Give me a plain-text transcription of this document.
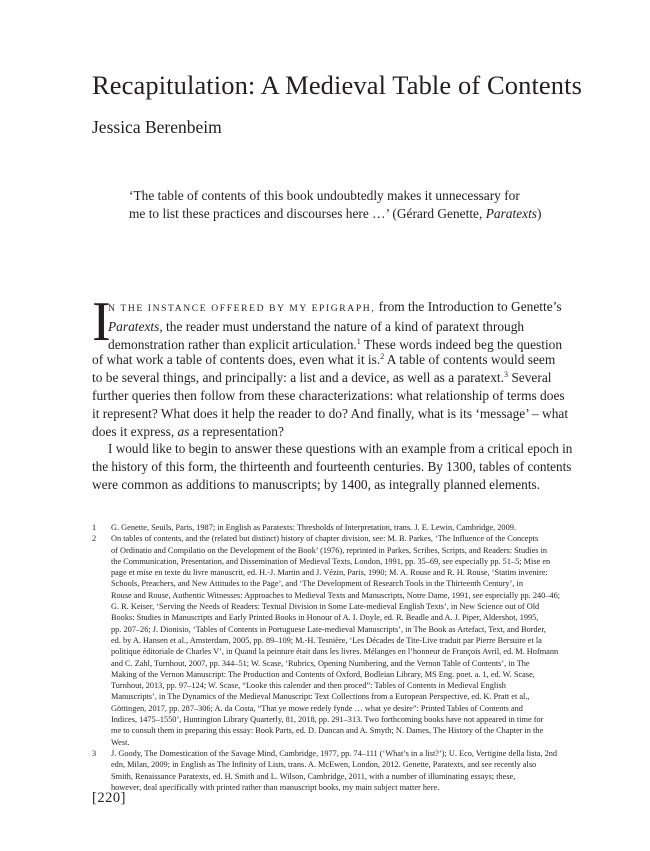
Recapitulation: A Medieval Table of Contents
Jessica Berenbeim
‘The table of contents of this book undoubtedly makes it unnecessary for
me to list these practices and discourses here …’ (Gérard Genette, Paratexts)
I
N THE INSTANCE OFFERED BY MY EPIGRAPH, from the Introduction to Genette’s
Paratexts, the reader must understand the nature of a kind of paratext through
demonstration rather than explicit articulation.$^1$ These words indeed beg the question
of what work a table of contents does, even what it is.$^2$ A table of contents would seem
to be several things, and principally: a list and a device, as well as a paratext.$^3$ Several
further queries then follow from these characterizations: what relationship of terms does
it represent? What does it help the reader to do? And finally, what is its ‘message’ – what
does it express, as a representation?
I would like to begin to answer these questions with an example from a critical epoch in
the history of this form, the thirteenth and fourteenth centuries. By 1300, tables of contents
were common as additions to manuscripts; by 1400, as integrally planned elements.
1 G. Genette, Seuils, Paris, 1987; in English as Paratexts: Thresholds of Interpretation, trans. J. E. Lewin, Cambridge, 2009.
2 On tables of contents, and the (related but distinct) history of chapter division, see: M. B. Parkes, ‘The Influence of the Concepts
of Ordinatio and Compilatio on the Development of the Book’ (1976), reprinted in Parkes, Scribes, Scripts, and Readers: Studies in
the Communication, Presentation, and Dissemination of Medieval Texts, London, 1991, pp. 35–69, see especially pp. 51–5; Mise en
page et mise en texte du livre manuscrit, ed. H.-J. Martin and J. Vézin, Paris, 1990; M. A. Rouse and R. H. Rouse, ‘Statim invenire:
Schools, Preachers, and New Attitudes to the Page’, and ‘The Development of Research Tools in the Thirteenth Century’, in
Rouse and Rouse, Authentic Witnesses: Approaches to Medieval Texts and Manuscripts, Notre Dame, 1991, see especially pp. 240–46;
G. R. Keiser, ‘Serving the Needs of Readers: Textual Division in Some Late-medieval English Texts’, in New Science out of Old
Books: Studies in Manuscripts and Early Printed Books in Honour of A. I. Doyle, ed. R. Beadle and A. J. Piper, Aldershot, 1995,
pp. 207–26; J. Dionisio, ‘Tables of Contents in Portuguese Late-medieval Manuscripts’, in The Book as Artefact, Text, and Border,
ed. by A. Hansen et al., Amsterdam, 2005, pp. 89–109; M.-H. Tesnière, ‘Les Décades de Tite-Live traduit par Pierre Bersuire et la
politique éditoriale de Charles V’, in Quand la peinture était dans les livres. Mélanges en l’honneur de François Avril, ed. M. Hofmann
and C. Zahl, Turnhout, 2007, pp. 344–51; W. Scase, ‘Rubrics, Opening Numbering, and the Vernon Table of Contents’, in The
Making of the Vernon Manuscript: The Production and Contents of Oxford, Bodleian Library, MS Eng. poet. a. 1, ed. W. Scase,
Turnhout, 2013, pp. 97–124; W. Scase, “Looke this calender and then proced”: Tables of Contents in Medieval English
Manuscripts’, in The Dynamics of the Medieval Manuscript: Text Collections from a European Perspective, ed. K. Pratt et al.,
Göttingen, 2017, pp. 287–306; A. da Costa, “That ye mowe redely fynde … what ye desire”: Printed Tables of Contents and
Indices, 1475–1550’, Huntington Library Quarterly, 81, 2018, pp. 291–313. Two forthcoming books have not appeared in time for
me to consult them in preparing this essay: Book Parts, ed. D. Duncan and A. Smyth; N. Dames, The History of the Chapter in the
West.
3 J. Goody, The Domestication of the Savage Mind, Cambridge, 1977, pp. 74–111 (‘What’s in a list?’); U. Eco, Vertigine della lista, 2nd
edn, Milan, 2009; in English as The Infinity of Lists, trans. A. McEwen, London, 2012. Genette, Paratexts, and see recently also
Smith, Renaissance Paratexts, ed. H. Smith and L. Wilson, Cambridge, 2011, with a number of illuminating essays; these,
however, deal specifically with printed rather than manuscript books, my main subject matter here.
[220]
